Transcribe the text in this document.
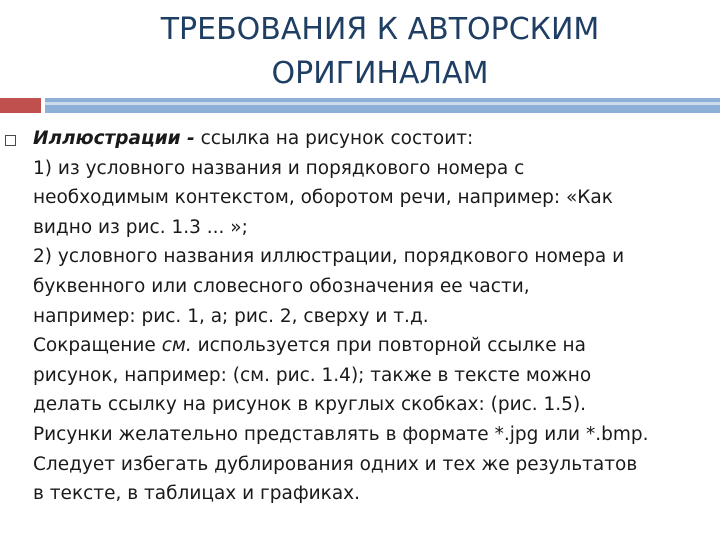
ТРЕБОВАНИЯ К АВТОРСКИМ
ОРИГИНАЛАМ
Иллюстрации - ссылка на рисунок состоит:
1) из условного названия и порядкового номера с
необходимым контекстом, оборотом речи, например: «Как
видно из рис. 1.3 ... »;
2) условного названия иллюстрации, порядкового номера и
буквенного или словесного обозначения ее части,
например: рис. 1, а; рис. 2, сверху и т.д.
Сокращение см. используется при повторной ссылке на
рисунок, например: (см. рис. 1.4); также в тексте можно
делать ссылку на рисунок в круглых скобках: (рис. 1.5).
Рисунки желательно представлять в формате *.jpg или *.bmp.
Следует избегать дублирования одних и тех же результатов
в тексте, в таблицах и графиках.
